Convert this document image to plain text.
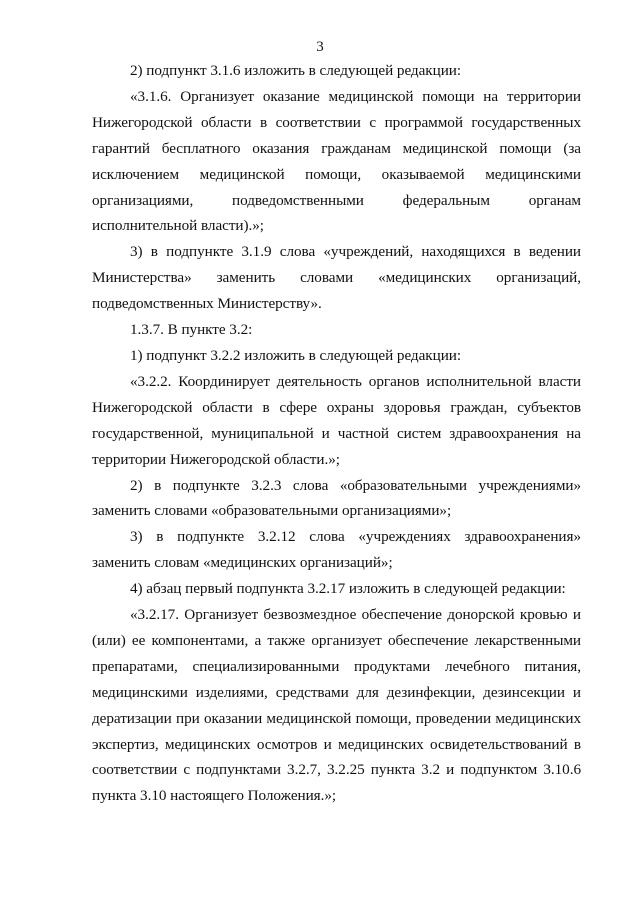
3

2) подпункт 3.1.6 изложить в следующей редакции:

«3.1.6. Организует оказание медицинской помощи на территории
Нижегородской области в соответствии с программой государственных
гарантий бесплатного оказания гражданам медицинской помощи (за
исключением медицинской помощи, оказываемой медицинскими
организациями, подведомственными федеральным органам
исполнительной власти).»;

3) в подпункте 3.1.9 слова «учреждений, находящихся в ведении
Министерства» заменить словами «медицинских организаций,
подведомственных Министерству».

1.3.7. В пункте 3.2:

1) подпункт 3.2.2 изложить в следующей редакции:

«3.2.2. Координирует деятельность органов исполнительной власти
Нижегородской области в сфере охраны здоровья граждан, субъектов
государственной, муниципальной и частной систем здравоохранения на
территории Нижегородской области.»;

2) в подпункте 3.2.3 слова «образовательными учреждениями»
заменить словами «образовательными организациями»;

3) в подпункте 3.2.12 слова «учреждениях здравоохранения»
заменить словам «медицинских организаций»;

4) абзац первый подпункта 3.2.17 изложить в следующей редакции:

«3.2.17. Организует безвозмездное обеспечение донорской кровью и
(или) ее компонентами, а также организует обеспечение лекарственными
препаратами, специализированными продуктами лечебного питания,
медицинскими изделиями, средствами для дезинфекции, дезинсекции и
дератизации при оказании медицинской помощи, проведении медицинских
экспертиз, медицинских осмотров и медицинских освидетельствований в
соответствии с подпунктами 3.2.7, 3.2.25 пункта 3.2 и подпунктом 3.10.6
пункта 3.10 настоящего Положения.»;
